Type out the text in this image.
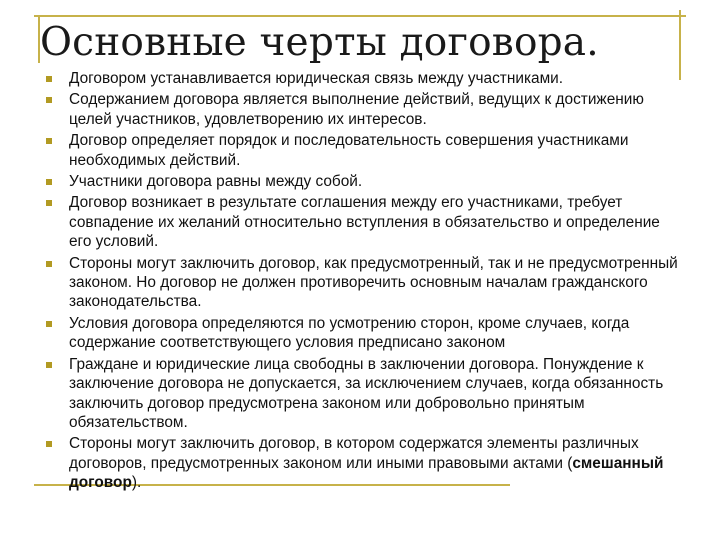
Основные черты договора.
Договором устанавливается юридическая связь между участниками.
Содержанием договора является выполнение действий, ведущих к достижению целей участников, удовлетворению их интересов.
Договор определяет порядок и последовательность совершения участниками необходимых действий.
Участники договора равны между собой.
Договор возникает в результате соглашения между его участниками, требует совпадение их желаний относительно вступления в обязательство и определение его условий.
Стороны могут заключить договор, как предусмотренный, так и не предусмотренный законом. Но договор не должен противоречить основным началам гражданского законодательства.
Условия договора определяются по усмотрению сторон, кроме случаев, когда содержание соответствующего условия предписано законом
Граждане и юридические лица свободны в заключении договора. Понуждение к заключение договора не допускается, за исключением случаев, когда обязанность заключить договор предусмотрена законом или добровольно принятым обязательством.
Стороны могут заключить договор, в котором содержатся элементы различных договоров, предусмотренных законом или иными правовыми актами (смешанный договор).
